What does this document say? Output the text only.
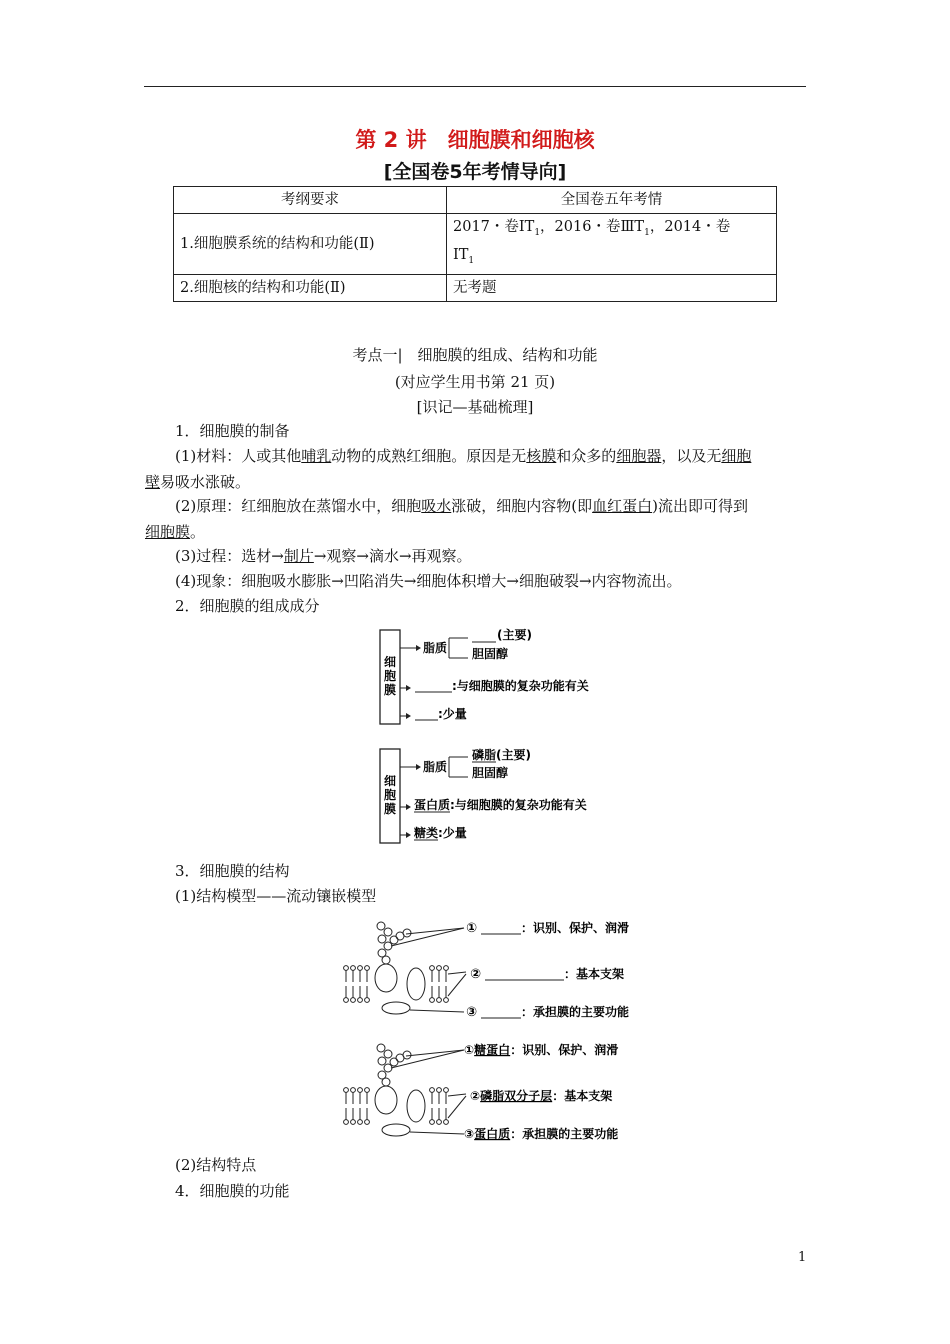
第 2 讲　细胞膜和细胞核
[全国卷5年考情导向]
考纲要求	全国卷五年考情
1.细胞膜系统的结构和功能(Ⅱ)	2017・卷$ⅠT_1$，2016・卷$ⅢT_1$，2014・卷
$ⅠT_1$
2.细胞核的结构和功能(Ⅱ)	无考题
考点一|　细胞膜的组成、结构和功能
(对应学生用书第 21 页)
[识记—基础梳理]
1．细胞膜的制备
(1)材料：人或其他哺乳动物的成熟红细胞。原因是无核膜和众多的细胞器，以及无细胞
壁易吸水涨破。
(2)原理：红细胞放在蒸馏水中，细胞吸水涨破，细胞内容物(即血红蛋白)流出即可得到
细胞膜。
(3)过程：选材→制片→观察→滴水→再观察。
(4)现象：细胞吸水膨胀→凹陷消失→细胞体积增大→细胞破裂→内容物流出。
2．细胞膜的组成成分
细胞膜
脂质
(主要)
胆固醇
:与细胞膜的复杂功能有关
:少量
细胞膜
脂质
磷脂(主要)
胆固醇
蛋白质:与细胞膜的复杂功能有关
糖类:少量
3．细胞膜的结构
(1)结构模型——流动镶嵌模型
①	：识别、保护、润滑
②	：基本支架
③	：承担膜的主要功能
①糖蛋白：识别、保护、润滑
②磷脂双分子层：基本支架
③蛋白质：承担膜的主要功能
(2)结构特点
4．细胞膜的功能
1
